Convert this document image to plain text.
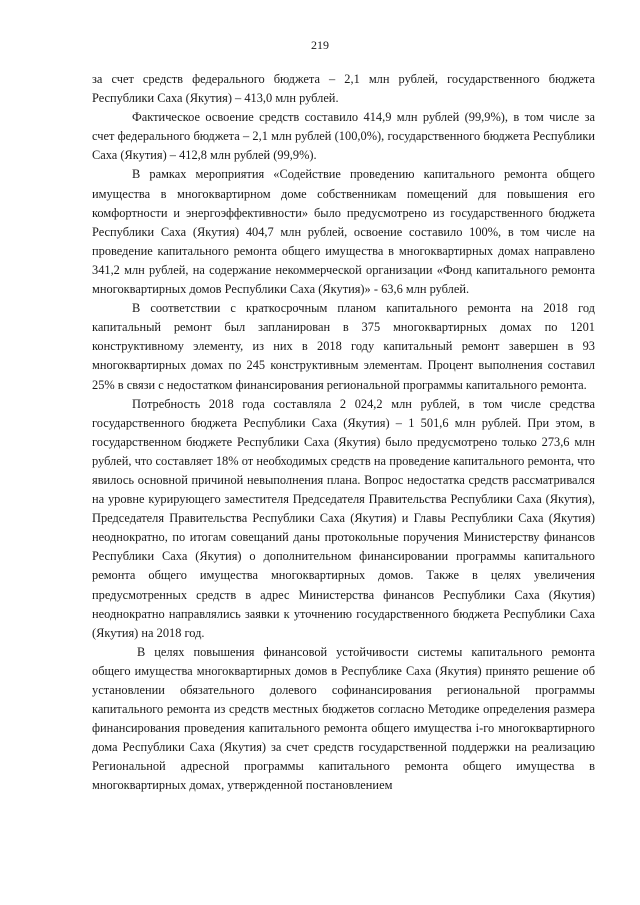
219

за счет средств федерального бюджета – 2,1 млн рублей, государственного бюджета Республики Саха (Якутия) – 413,0 млн рублей.

Фактическое освоение средств составило 414,9 млн рублей (99,9%), в том числе за счет федерального бюджета – 2,1 млн рублей (100,0%), государственного бюджета Республики Саха (Якутия) – 412,8 млн рублей (99,9%).

В рамках мероприятия «Содействие проведению капитального ремонта общего имущества в многоквартирном доме собственникам помещений для повышения его комфортности и энергоэффективности» было предусмотрено из государственного бюджета Республики Саха (Якутия) 404,7 млн рублей, освоение составило 100%, в том числе на проведение капитального ремонта общего имущества в многоквартирных домах направлено 341,2 млн рублей, на содержание некоммерческой организации «Фонд капитального ремонта многоквартирных домов Республики Саха (Якутия)» - 63,6 млн рублей.

В соответствии с краткосрочным планом капитального ремонта на 2018 год капитальный ремонт был запланирован в 375 многоквартирных домах по 1201 конструктивному элементу, из них в 2018 году капитальный ремонт завершен в 93 многоквартирных домах по 245 конструктивным элементам. Процент выполнения составил 25% в связи с недостатком финансирования региональной программы капитального ремонта.

Потребность 2018 года составляла 2 024,2 млн рублей, в том числе средства государственного бюджета Республики Саха (Якутия) – 1 501,6 млн рублей. При этом, в государственном бюджете Республики Саха (Якутия) было предусмотрено только 273,6 млн рублей, что составляет 18% от необходимых средств на проведение капитального ремонта, что явилось основной причиной невыполнения плана. Вопрос недостатка средств рассматривался на уровне курирующего заместителя Председателя Правительства Республики Саха (Якутия), Председателя Правительства Республики Саха (Якутия) и Главы Республики Саха (Якутия) неоднократно, по итогам совещаний даны протокольные поручения Министерству финансов Республики Саха (Якутия) о дополнительном финансировании программы капитального ремонта общего имущества многоквартирных домов. Также в целях увеличения предусмотренных средств в адрес Министерства финансов Республики Саха (Якутия) неоднократно направлялись заявки к уточнению государственного бюджета Республики Саха (Якутия) на 2018 год.

В целях повышения финансовой устойчивости системы капитального ремонта общего имущества многоквартирных домов в Республике Саха (Якутия) принято решение об установлении обязательного долевого софинансирования региональной программы капитального ремонта из средств местных бюджетов согласно Методике определения размера финансирования проведения капитального ремонта общего имущества i-го многоквартирного дома Республики Саха (Якутия) за счет средств государственной поддержки на реализацию Региональной адресной программы капитального ремонта общего имущества в многоквартирных домах, утвержденной постановлением
